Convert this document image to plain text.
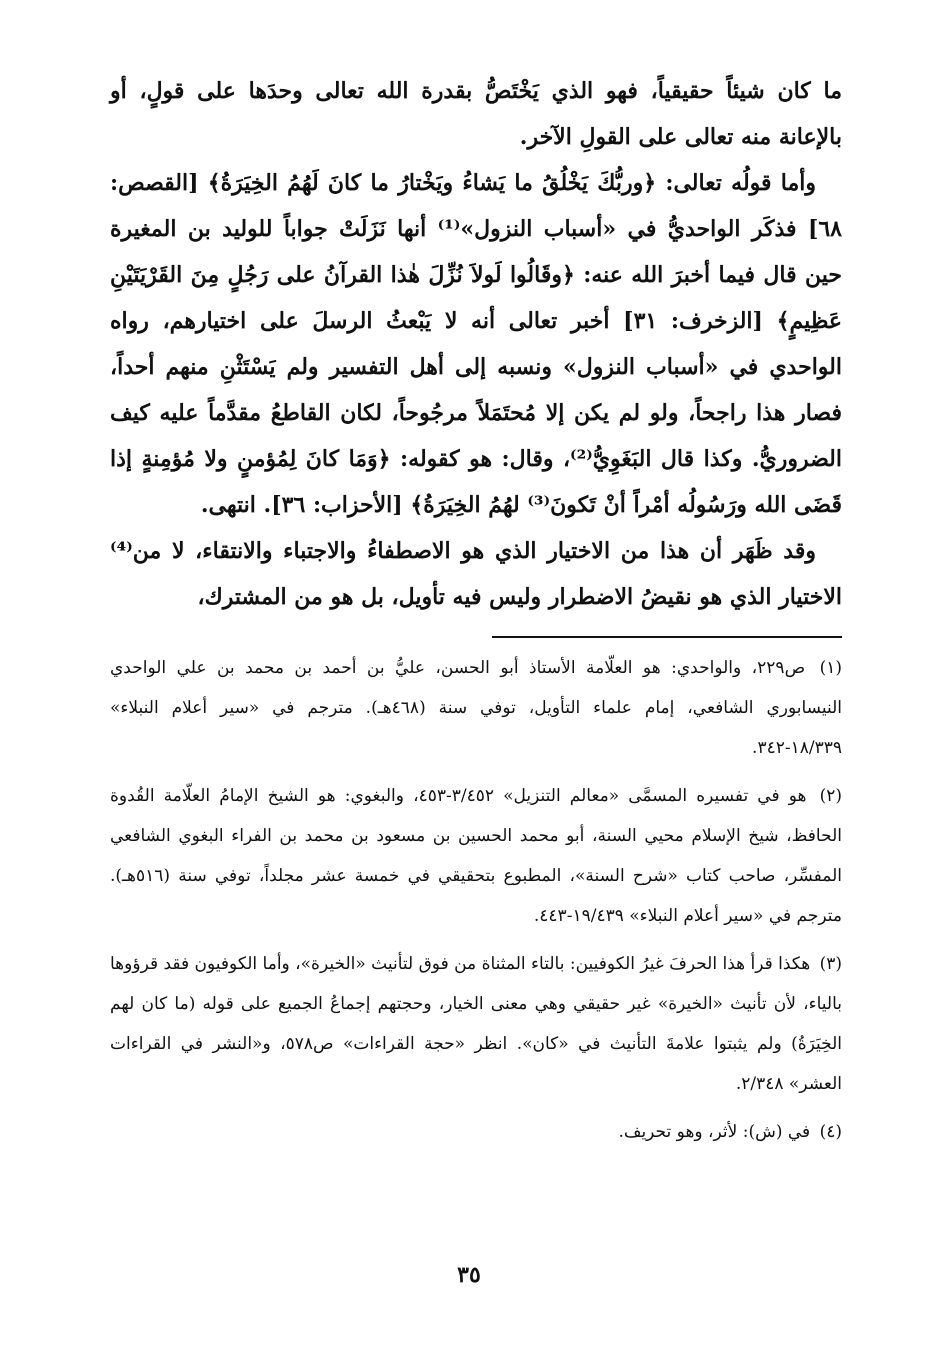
ما كان شيئاً حقيقياً، فهو الذي يَخْتَصُّ بقدرة الله تعالى وحدَها على قولٍ، أو بالإعانة منه تعالى على القولِ الآخر.

وأما قولُه تعالى: ﴿وربُّكَ يَخْلُقُ ما يَشاءُ ويَخْتارُ ما كانَ لَهُمُ الخِيَرَةُ﴾ [القصص: ٦٨] فذكَر الواحديُّ في «أسباب النزول»⁽¹⁾ أنها نَزَلَتْ جواباً للوليد بن المغيرة حين قال فيما أخبرَ الله عنه: ﴿وقَالُوا لَولاَ نُزِّلَ هٰذا القرآنُ على رَجُلٍ مِنَ القَرْيَتَيْنِ عَظِيمٍ﴾ [الزخرف: ٣١] أخبر تعالى أنه لا يَبْعثُ الرسلَ على اختيارهم، رواه الواحدي في «أسباب النزول» ونسبه إلى أهل التفسير ولم يَسْتَثْنِ منهم أحداً، فصار هذا راجحاً، ولو لم يكن إلا مُحتَمَلاً مرجُوحاً، لكان القاطعُ مقدَّماً عليه كيف الضروريُّ. وكذا قال البَغَوِيُّ⁽²⁾، وقال: هو كقوله: ﴿وَمَا كانَ لِمُؤمنٍ ولا مُؤمِنةٍ إذا قَضَى الله ورَسُولُه أمْراً أنْ تَكونَ⁽³⁾ لهُمُ الخِيَرَةُ﴾ [الأحزاب: ٣٦]. انتهى.

وقد ظَهَر أن هذا من الاختيار الذي هو الاصطفاءُ والاجتباء والانتقاء، لا من⁽⁴⁾ الاختيار الذي هو نقيضُ الاضطرار وليس فيه تأويل، بل هو من المشترك،

(١) ص٢٢٩، والواحدي: هو العلّامة الأستاذ أبو الحسن، عليُّ بن أحمد بن محمد بن علي الواحدي النيسابوري الشافعي، إمام علماء التأويل، توفي سنة (٤٦٨هـ). مترجم في «سير أعلام النبلاء» ١٨/٣٣٩-٣٤٢.

(٢) هو في تفسيره المسمَّى «معالم التنزيل» ٣/٤٥٢-٤٥٣، والبغوي: هو الشيخ الإمامُ العلّامة القُدوة الحافظ، شيخ الإسلام محيي السنة، أبو محمد الحسين بن مسعود بن محمد بن الفراء البغوي الشافعي المفسِّر، صاحب كتاب «شرح السنة»، المطبوع بتحقيقي في خمسة عشر مجلداً، توفي سنة (٥١٦هـ). مترجم في «سير أعلام النبلاء» ١٩/٤٣٩-٤٤٣.

(٣) هكذا قرأ هذا الحرفَ غيرُ الكوفيين: بالتاء المثناة من فوق لتأنيث «الخيرة»، وأما الكوفيون فقد قرؤوها بالياء، لأن تأنيث «الخيرة» غير حقيقي وهي معنى الخيار، وحجتهم إجماعُ الجميع على قوله (ما كان لهم الخِيَرَةُ) ولم يثبتوا علامةَ التأنيث في «كان». انظر «حجة القراءات» ص٥٧٨، و«النشر في القراءات العشر» ٢/٣٤٨.

(٤) في (ش): لأثر، وهو تحريف.

٣٥
